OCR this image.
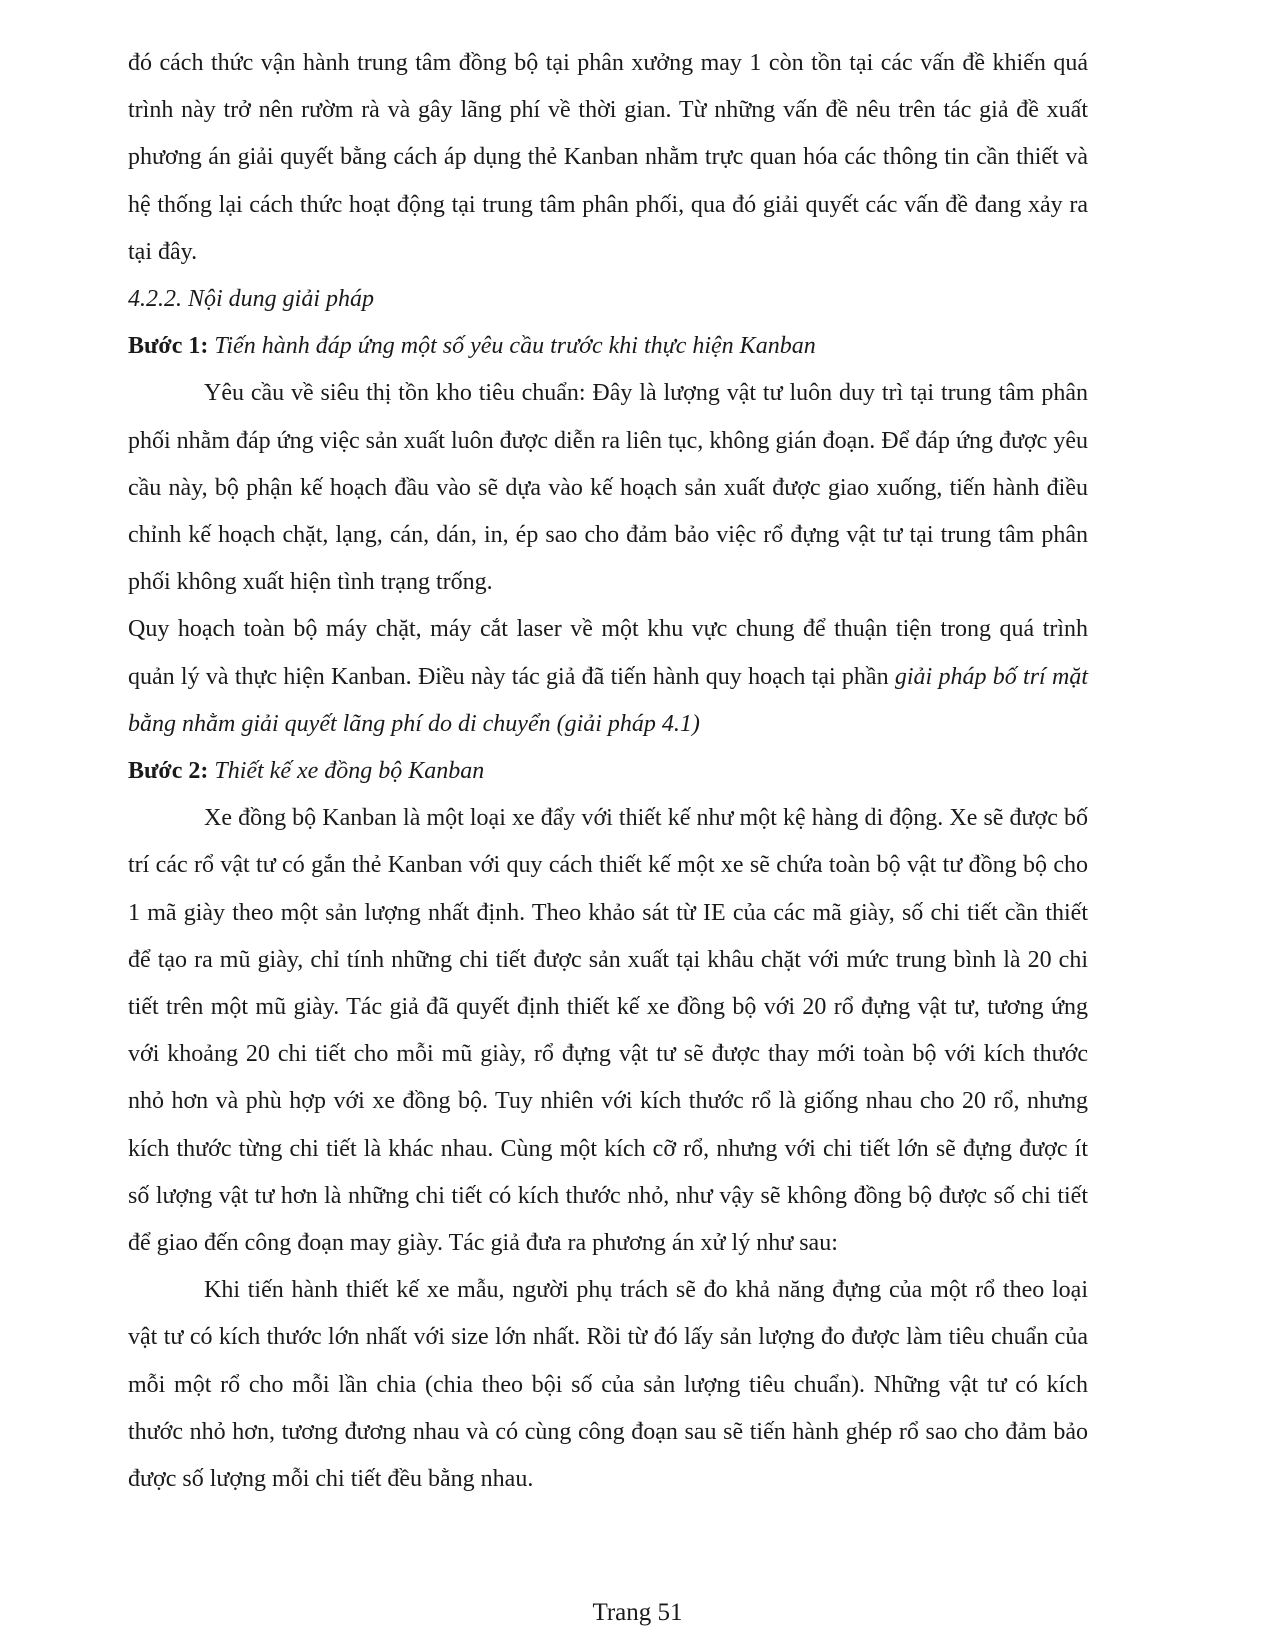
đó cách thức vận hành trung tâm đồng bộ tại phân xưởng may 1 còn tồn tại các vấn đề khiến quá trình này trở nên rườm rà và gây lãng phí về thời gian. Từ những vấn đề nêu trên tác giả đề xuất phương án giải quyết bằng cách áp dụng thẻ Kanban nhằm trực quan hóa các thông tin cần thiết và hệ thống lại cách thức hoạt động tại trung tâm phân phối, qua đó giải quyết các vấn đề đang xảy ra tại đây.

4.2.2. Nội dung giải pháp

Bước 1: Tiến hành đáp ứng một số yêu cầu trước khi thực hiện Kanban

Yêu cầu về siêu thị tồn kho tiêu chuẩn: Đây là lượng vật tư luôn duy trì tại trung tâm phân phối nhằm đáp ứng việc sản xuất luôn được diễn ra liên tục, không gián đoạn. Để đáp ứng được yêu cầu này, bộ phận kế hoạch đầu vào sẽ dựa vào kế hoạch sản xuất được giao xuống, tiến hành điều chỉnh kế hoạch chặt, lạng, cán, dán, in, ép sao cho đảm bảo việc rổ đựng vật tư tại trung tâm phân phối không xuất hiện tình trạng trống.

Quy hoạch toàn bộ máy chặt, máy cắt laser về một khu vực chung để thuận tiện trong quá trình quản lý và thực hiện Kanban. Điều này tác giả đã tiến hành quy hoạch tại phần giải pháp bố trí mặt bằng nhằm giải quyết lãng phí do di chuyển (giải pháp 4.1)

Bước 2: Thiết kế xe đồng bộ Kanban

Xe đồng bộ Kanban là một loại xe đẩy với thiết kế như một kệ hàng di động. Xe sẽ được bố trí các rổ vật tư có gắn thẻ Kanban với quy cách thiết kế một xe sẽ chứa toàn bộ vật tư đồng bộ cho 1 mã giày theo một sản lượng nhất định. Theo khảo sát từ IE của các mã giày, số chi tiết cần thiết để tạo ra mũ giày, chỉ tính những chi tiết được sản xuất tại khâu chặt với mức trung bình là 20 chi tiết trên một mũ giày. Tác giả đã quyết định thiết kế xe đồng bộ với 20 rổ đựng vật tư, tương ứng với khoảng 20 chi tiết cho mỗi mũ giày, rổ đựng vật tư sẽ được thay mới toàn bộ với kích thước nhỏ hơn và phù hợp với xe đồng bộ. Tuy nhiên với kích thước rổ là giống nhau cho 20 rổ, nhưng kích thước từng chi tiết là khác nhau. Cùng một kích cỡ rổ, nhưng với chi tiết lớn sẽ đựng được ít số lượng vật tư hơn là những chi tiết có kích thước nhỏ, như vậy sẽ không đồng bộ được số chi tiết để giao đến công đoạn may giày. Tác giả đưa ra phương án xử lý như sau:

Khi tiến hành thiết kế xe mẫu, người phụ trách sẽ đo khả năng đựng của một rổ theo loại vật tư có kích thước lớn nhất với size lớn nhất. Rồi từ đó lấy sản lượng đo được làm tiêu chuẩn của mỗi một rổ cho mỗi lần chia (chia theo bội số của sản lượng tiêu chuẩn). Những vật tư có kích thước nhỏ hơn, tương đương nhau và có cùng công đoạn sau sẽ tiến hành ghép rổ sao cho đảm bảo được số lượng mỗi chi tiết đều bằng nhau.

Trang 51
